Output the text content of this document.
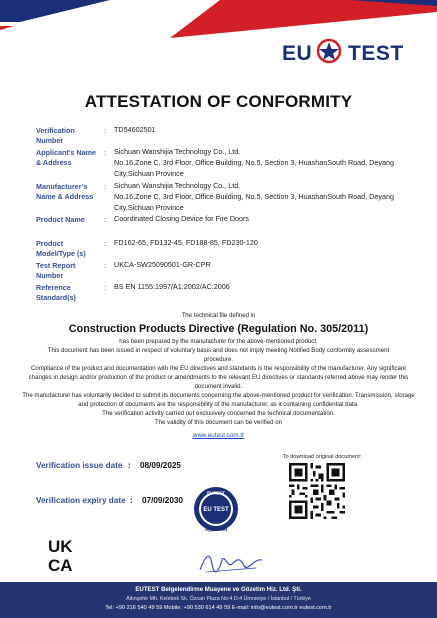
EU TEST
ATTESTATION OF CONFORMITY
Verification Number
: TD54602501
Applicant’s Name & Address
: Sichuan Wanshijia Technology Co., Ltd.
No.16,Zone C, 3rd Floor, Office Building, No.5, Section 3, HuashanSouth Road, Deyang City,Sichuan Province
Manufacturer’s Name & Address
: Sichuan Wanshijia Technology Co., Ltd.
No.16,Zone C, 3rd Floor, Office Building, No.5, Section 3, HuashanSouth Road, Deyang City,Sichuan Province
Product Name	: Coordinated Closing Device for Fire Doors
Product Model/Type (s)
: FD162-65, FD132-45, FD188-85, FD230-120
Test Report Number
: UKCA-SW25090501-GR-CPR
Reference Standard(s)
: BS EN 1155:1997/A1:2002/AC:2006
The technical file defined in
Construction Products Directive (Regulation No. 305/2011)
has been prepared by the manufacturer for the above-mentioned product.
This document has been issued in respect of voluntary basis and does not imply meeting Notified Body conformity assessment procedure.
Compliance of the product and documentation with the EU directives and standards is the responsibility of the manufacturer. Any significant changes in design and/or production of the product or amendments to the relevant EU directives or standards referred above may render this document invalid.
The manufacturer has voluntarily decided to submit its documents concerning the above-mentioned product for verification. Transmission, storage and protection of documents are the responsibility of the manufacturer, as it containing confidential data.
The verification activity carried out exclusively concerned the technical documentation.
The validity of this document can be verified on
www.eutest.com.tr
Verification issue date : 08/09/2025
Verification expiry date : 07/09/2030
To download original document:
EUTEST
EU TEST
Approved
UK
CA
EUTEST Belgelendirme Muayene ve Gözetim Hiz. Ltd. Şti.
Altınşehir Mh. Kelebek Sk. Özcan Plaza No:4 D:4 Ümraniye / İstanbul / Türkiye
Tel: +90 216 540 49 59 Mobile: +90 530 614 49 59 E-mail: info@eutest.com.tr eutest.com.tr
